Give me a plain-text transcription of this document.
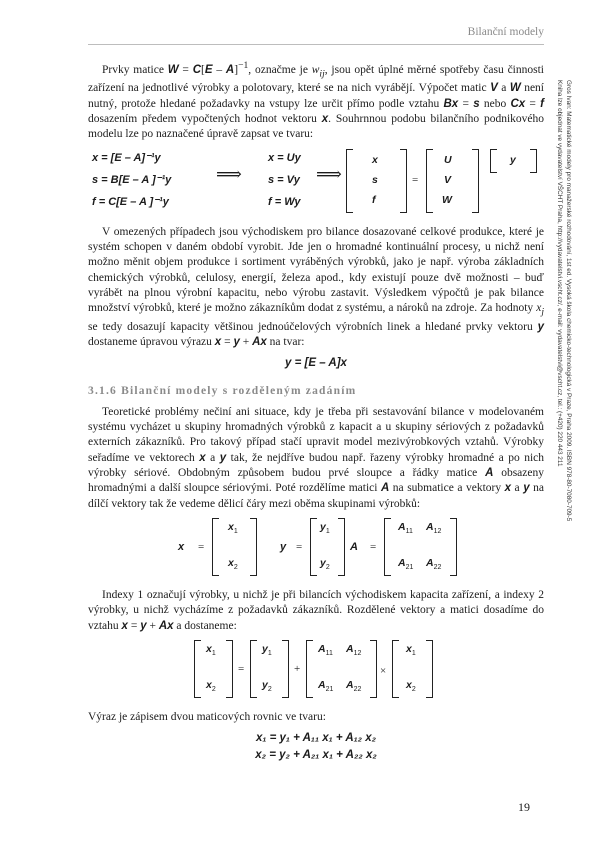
Bilanční modely
Gros Ivan: Matematické modely pro manažerské rozhodování, 1st ed. Vysoká škola chemicko-technologická v Praze, Praha 2009. ISBN 978-80-7080-709-5
Kniha lze objednat ve vydavatelství VŠCHT Praha, http://vydavatelstvi.vscht.cz/, e-mail: vydavatelstvi@vscht.cz, tel.: (+420) 220 443 211

Prvky matice W = C[E – A]$^{-1}$, označme je $w_{ij}$, jsou opět úplné měrné spotřeby času činnosti zařízení na jednotlivé výrobky a polotovary, které se na nich vyrábějí. Výpočet matic V a W není nutný, protože hledané požadavky na vstupy lze určit přímo podle vztahu Bx = s nebo Cx = f dosazením předem vypočtených hodnot vektoru x. Souhrnnou podobu bilančního podnikového modelu lze po naznačené úpravě zapsat ve tvaru:

x = [E – A]⁻¹y
s = B[E – A ]⁻¹y
f = C[E – A ]⁻¹y
⟹
x = Uy
s = Vy
f = Wy
⟹
x
s
f
=
U
V
W
y

V omezených případech jsou východiskem pro bilance dosazované celkové produkce, které je systém schopen v daném období vyrobit. Jde jen o hromadné kontinuální procesy, u nichž není možno měnit objem produkce i sortiment vyráběných výrobků, jako je např. výroba základních chemických výrobků, celulosy, energií, železa apod., kdy existují pouze dvě možnosti – buď vyrábět na plnou výrobní kapacitu, nebo výrobu zastavit. Výsledkem výpočtů je pak bilance množství výrobků, které je možno zákazníkům dodat z systému, a nároků na zdroje. Za hodnoty $x_j$ se tedy dosazují kapacity většinou jednoúčelových výrobních linek a hledané prvky vektoru y dostaneme úpravou výrazu x = y + Ax na tvar:

y = [E – A]x
3.1.6 Bilanční modely s rozděleným zadáním

Teoretické problémy nečiní ani situace, kdy je třeba při sestavování bilance v modelovaném systému vycházet u skupiny hromadných výrobků z kapacit a u skupiny sériových z požadavků externích zákazníků. Pro takový případ stačí upravit model mezivýrobkových vztahů. Výrobky seřadíme ve vektorech x a y tak, že nejdříve budou např. řazeny výrobky hromadné a po nich výrobky sériové. Obdobným způsobem budou prvé sloupce a řádky matice A obsazeny hromadnými a další sloupce sériovými. Poté rozdělíme matici A na submatice a vektory x a y na dílčí vektory tak že vedeme dělicí čáry mezi oběma skupinami výrobků:

x =
$x_1$
$x_2$
y =
$y_1$
$y_2$
A =
$A_{11}$ $A_{12}$
$A_{21}$ $A_{22}$

Indexy 1 označují výrobky, u nichž je při bilancích východiskem kapacita zařízení, a indexy 2 výrobky, u nichž vycházíme z požadavků zákazníků. Rozdělené vektory a matici dosadíme do vztahu x = y + Ax a dostaneme:

$x_1$
$x_2$
=
$y_1$
$y_2$
+
$A_{11}$ $A_{12}$
$A_{21}$ $A_{22}$
×
$x_1$
$x_2$

Výraz je zápisem dvou maticových rovnic ve tvaru:

x₁ = y₁ + A₁₁ x₁ + A₁₂ x₂
x₂ = y₂ + A₂₁ x₁ + A₂₂ x₂
19
